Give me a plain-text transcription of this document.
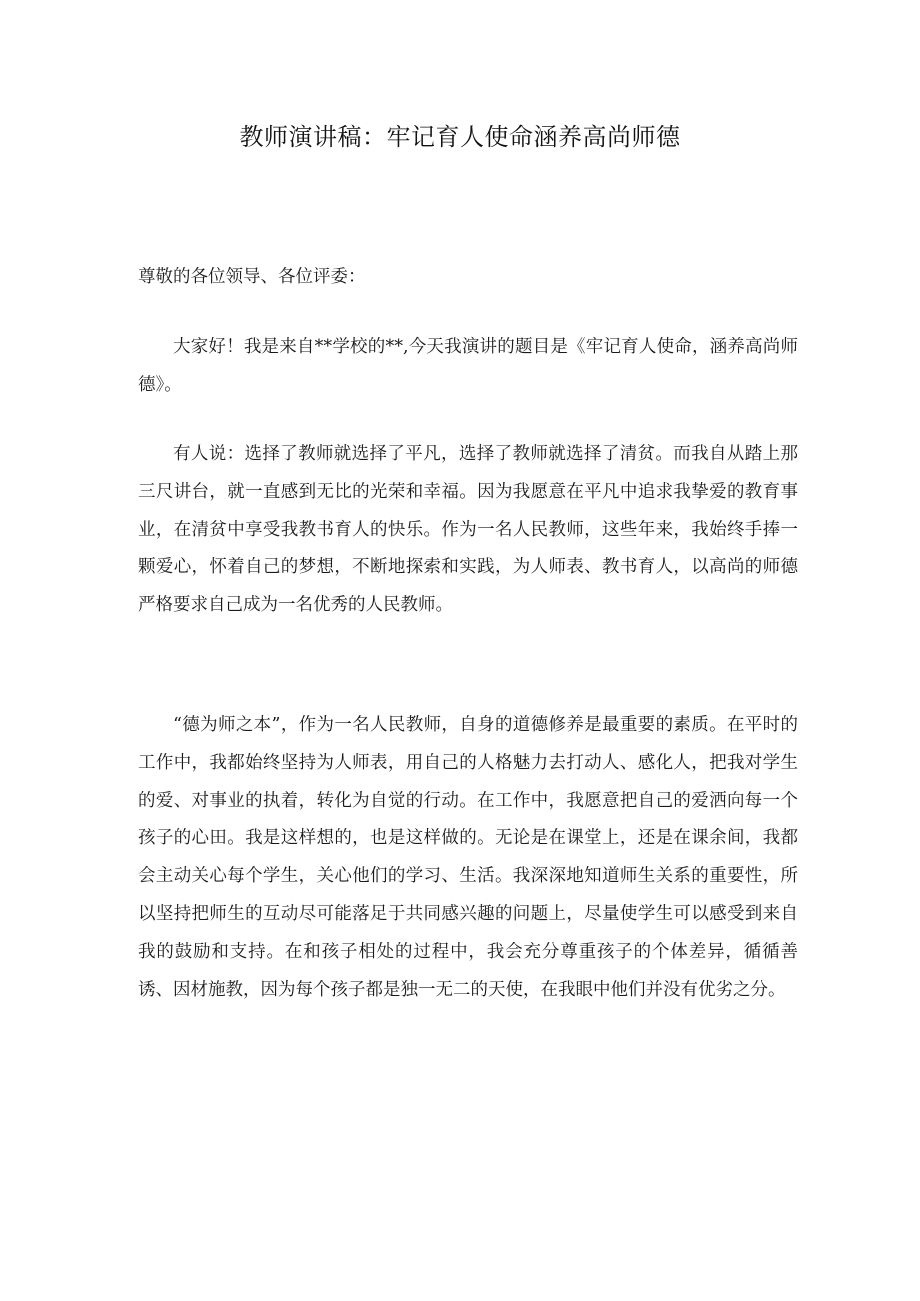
教师演讲稿：牢记育人使命涵养高尚师德

尊敬的各位领导、各位评委：

大家好！我是来自**学校的**,今天我演讲的题目是《牢记育人使命，涵养高尚师德》。

有人说：选择了教师就选择了平凡，选择了教师就选择了清贫。而我自从踏上那三尺讲台，就一直感到无比的光荣和幸福。因为我愿意在平凡中追求我挚爱的教育事业，在清贫中享受我教书育人的快乐。作为一名人民教师，这些年来，我始终手捧一颗爱心，怀着自己的梦想，不断地探索和实践，为人师表、教书育人，以高尚的师德严格要求自己成为一名优秀的人民教师。

“德为师之本”，作为一名人民教师，自身的道德修养是最重要的素质。在平时的工作中，我都始终坚持为人师表，用自己的人格魅力去打动人、感化人，把我对学生的爱、对事业的执着，转化为自觉的行动。在工作中，我愿意把自己的爱洒向每一个孩子的心田。我是这样想的，也是这样做的。无论是在课堂上，还是在课余间，我都会主动关心每个学生，关心他们的学习、生活。我深深地知道师生关系的重要性，所以坚持把师生的互动尽可能落足于共同感兴趣的问题上，尽量使学生可以感受到来自我的鼓励和支持。在和孩子相处的过程中，我会充分尊重孩子的个体差异，循循善诱、因材施教，因为每个孩子都是独一无二的天使，在我眼中他们并没有优劣之分。
